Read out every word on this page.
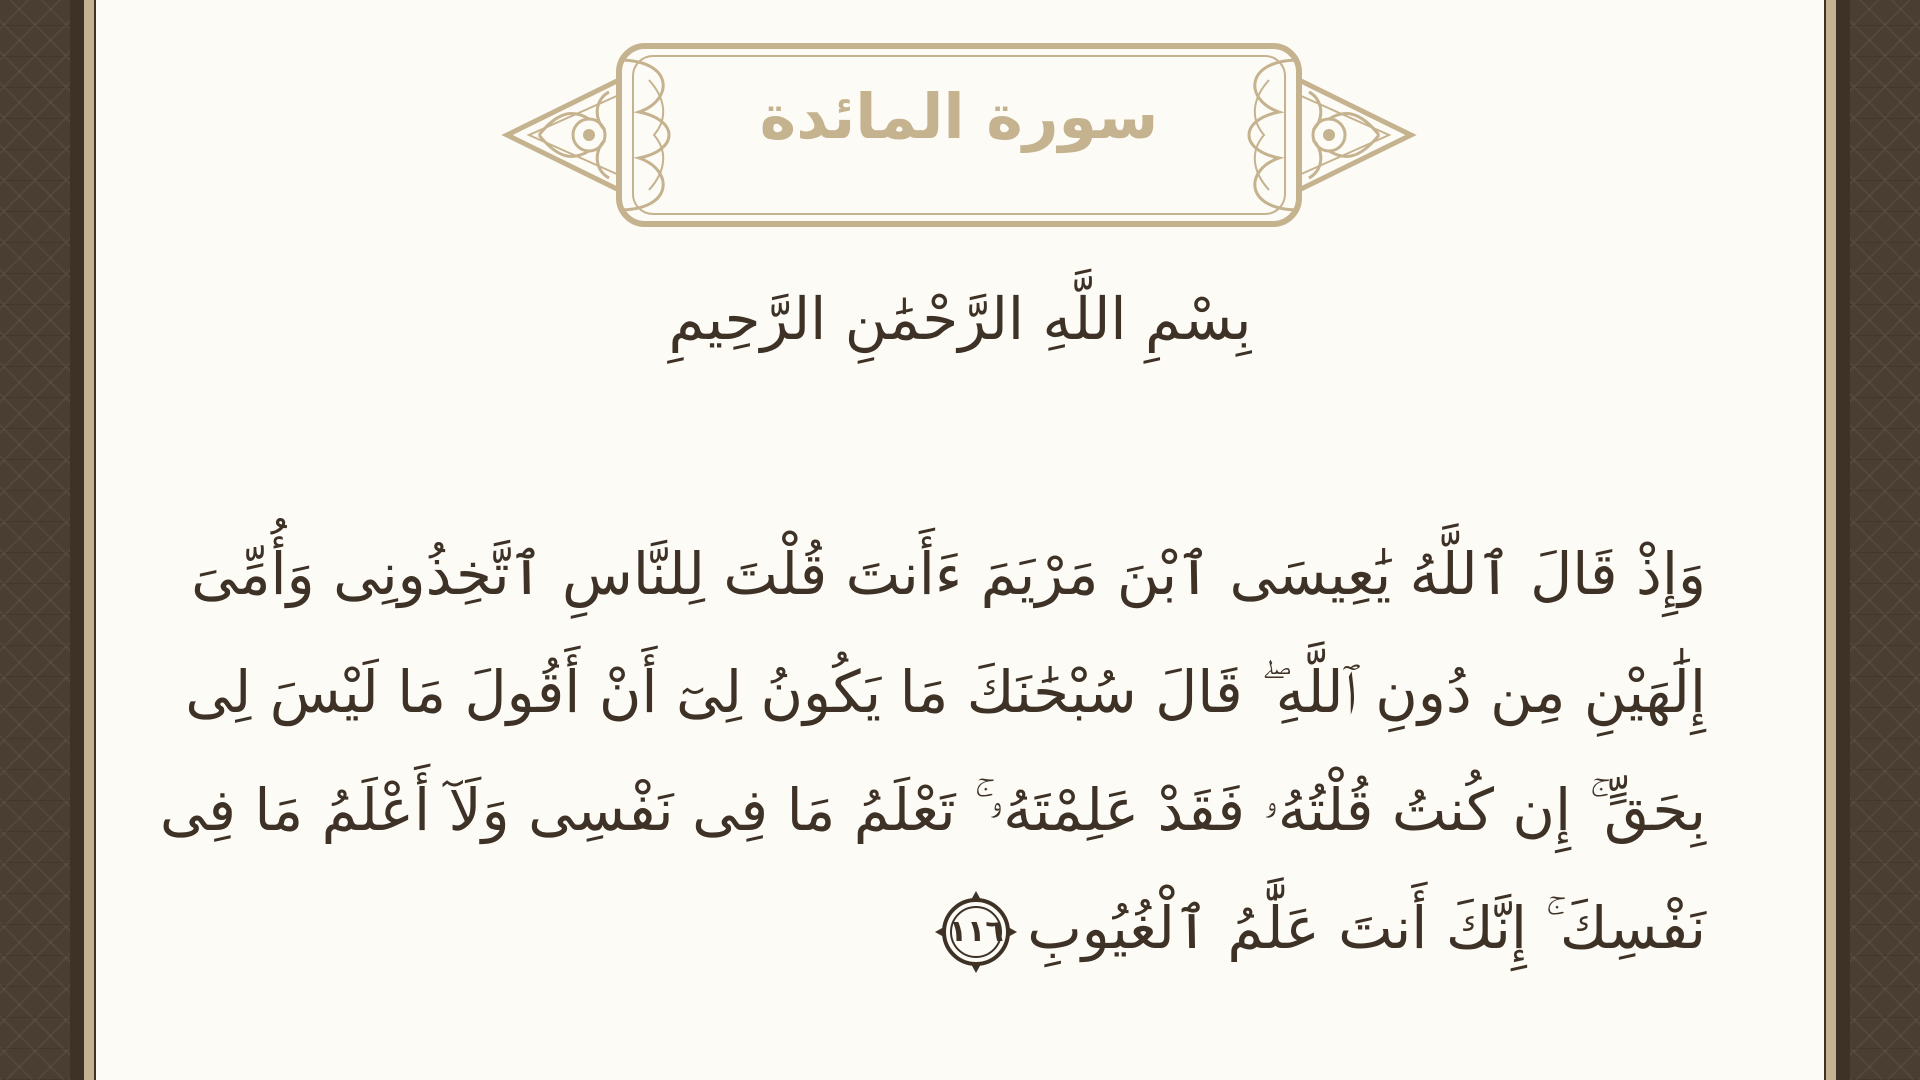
سورة المائدة
بِسْمِ اللَّهِ الرَّحْمَٰنِ الرَّحِيمِ
وَإِذْ قَالَ ٱللَّهُ يَٰعِيسَى ٱبْنَ مَرْيَمَ ءَأَنتَ قُلْتَ لِلنَّاسِ ٱتَّخِذُونِى وَأُمِّىَ
إِلَٰهَيْنِ مِن دُونِ ٱللَّهِ ۖ قَالَ سُبْحَٰنَكَ مَا يَكُونُ لِىٓ أَنْ أَقُولَ مَا لَيْسَ لِى
بِحَقٍّ ۚ إِن كُنتُ قُلْتُهُۥ فَقَدْ عَلِمْتَهُۥ ۚ تَعْلَمُ مَا فِى نَفْسِى وَلَآ أَعْلَمُ مَا فِى
نَفْسِكَ ۚ إِنَّكَ أَنتَ عَلَّٰمُ ٱلْغُيُوبِ
١١٦
